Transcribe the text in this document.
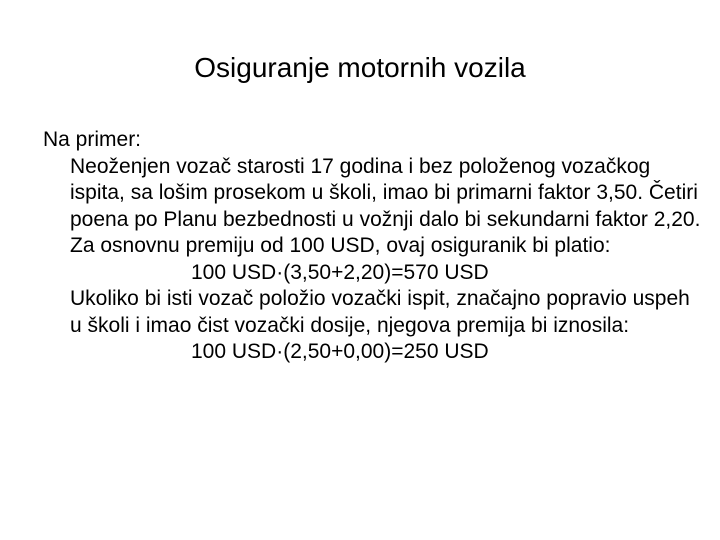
Osiguranje motornih vozila

Na primer:

Neoženjen vozač starosti 17 godina i bez položenog vozačkog ispita, sa lošim prosekom u školi, imao bi primarni faktor 3,50. Četiri poena po Planu bezbednosti u vožnji dalo bi sekundarni faktor 2,20.

Za osnovnu premiju od 100 USD, ovaj osiguranik bi platio:

100 USD·(3,50+2,20)=570 USD

Ukoliko bi isti vozač položio vozački ispit, značajno popravio uspeh u školi i imao čist vozački dosije, njegova premija bi iznosila:

100 USD·(2,50+0,00)=250 USD
